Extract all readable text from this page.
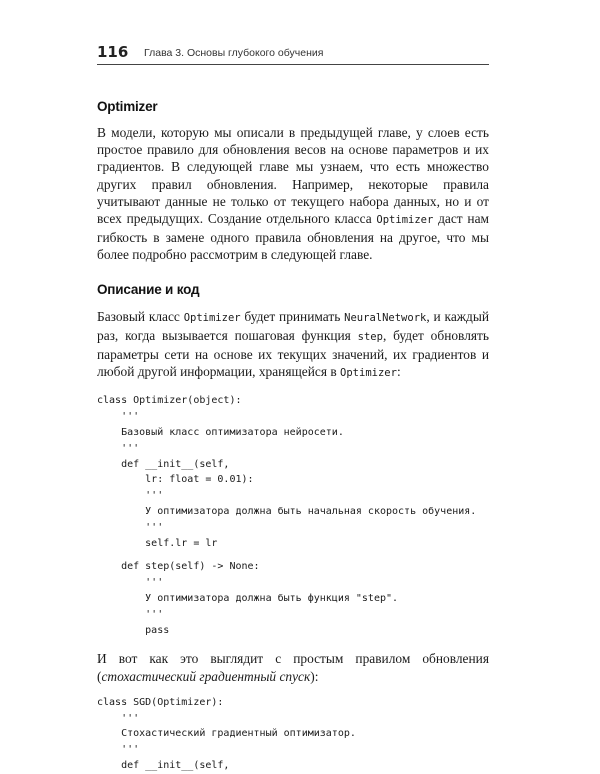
116 Глава 3. Основы глубокого обучения
Optimizer

В модели, которую мы описали в предыдущей главе, у слоев есть простое правило для обновления весов на основе параметров и их градиентов. В следующей главе мы узнаем, что есть множество других правил обновления. Например, некоторые правила учитывают данные не только от текущего набора данных, но и от всех предыдущих. Создание отдельного класса Optimizer даст нам гибкость в замене одного правила обновления на другое, что мы более подробно рассмотрим в следующей главе.

Описание и код

Базовый класс Optimizer будет принимать NeuralNetwork, и каждый раз, когда вызывается пошаговая функция step, будет обновлять параметры сети на основе их текущих значений, их градиентов и любой другой информации, хранящейся в Optimizer:

class Optimizer(object):
'''
Базовый класс оптимизатора нейросети.
'''
def __init__(self,
lr: float = 0.01):
'''
У оптимизатора должна быть начальная скорость обучения.
'''
self.lr = lr
def step(self) -> None:
'''
У оптимизатора должна быть функция "step".
'''
pass

И вот как это выглядит с простым правилом обновления (стохастический градиентный спуск):

class SGD(Optimizer):
'''
Стохастический градиентный оптимизатор.
'''
def __init__(self,
